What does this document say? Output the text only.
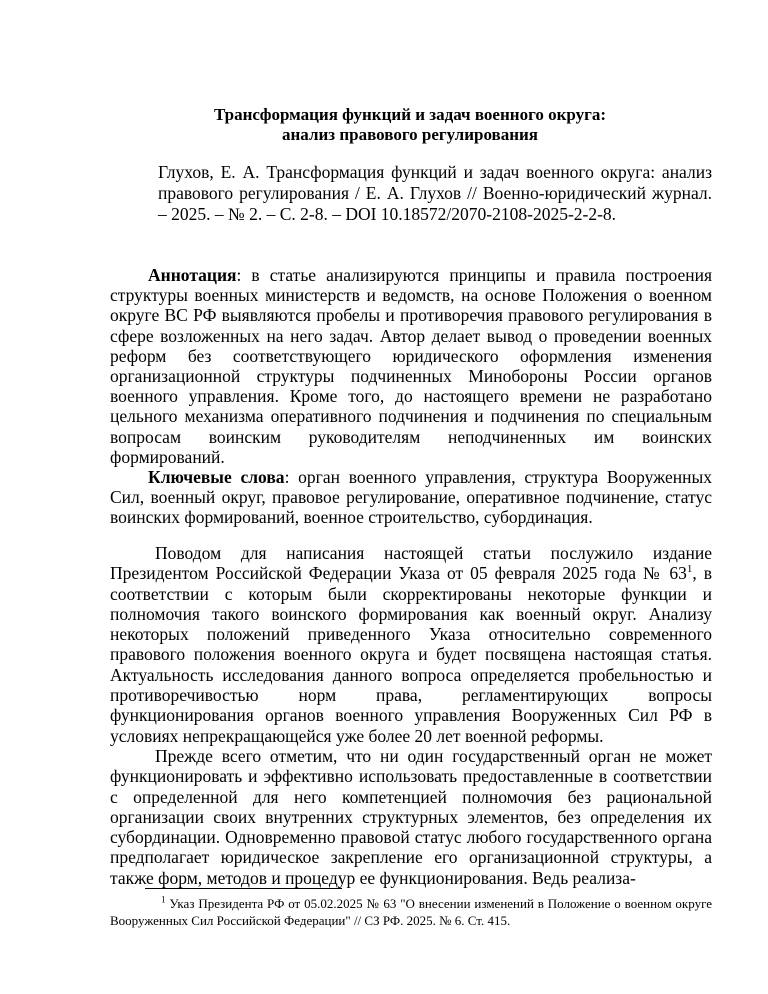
Трансформация функций и задач военного округа:
анализ правового регулирования
Глухов, Е. А. Трансформация функций и задач военного округа: анализ правового регулирования / Е. А. Глухов // Военно-юридический журнал. – 2025. – № 2. – С. 2-8. – DOI 10.18572/2070-2108-2025-2-2-8.

Аннотация: в статье анализируются принципы и правила построения структуры военных министерств и ведомств, на основе Положения о военном округе ВС РФ выявляются пробелы и противоречия правового регулирования в сфере возложенных на него задач. Автор делает вывод о проведении военных реформ без соответствующего юридического оформления изменения организационной структуры подчиненных Минобороны России органов военного управления. Кроме того, до настоящего времени не разработано цельного механизма оперативного подчинения и подчинения по специальным вопросам воинским руководителям неподчиненных им воинских формирований.

Ключевые слова: орган военного управления, структура Вооруженных Сил, военный округ, правовое регулирование, оперативное подчинение, статус воинских формирований, военное строительство, субординация.

Поводом для написания настоящей статьи послужило издание Президентом Российской Федерации Указа от 05 февраля 2025 года № $63^1$, в соответствии с которым были скорректированы некоторые функции и полномочия такого воинского формирования как военный округ. Анализу некоторых положений приведенного Указа относительно современного правового положения военного округа и будет посвящена настоящая статья. Актуальность исследования данного вопроса определяется пробельностью и противоречивостью норм права, регламентирующих вопросы функционирования органов военного управления Вооруженных Сил РФ в условиях непрекращающейся уже более 20 лет военной реформы.

Прежде всего отметим, что ни один государственный орган не может функционировать и эффективно использовать предоставленные в соответствии с определенной для него компетенцией полномочия без рациональной организации своих внутренних структурных элементов, без определения их субординации. Одновременно правовой статус любого государственного органа предполагает юридическое закрепление его организационной структуры, а также форм, методов и процедур ее функционирования. Ведь реализа-

$^1$ Указ Президента РФ от 05.02.2025 № 63 "О внесении изменений в Положение о военном округе Вооруженных Сил Российской Федерации" // СЗ РФ. 2025. № 6. Ст. 415.
